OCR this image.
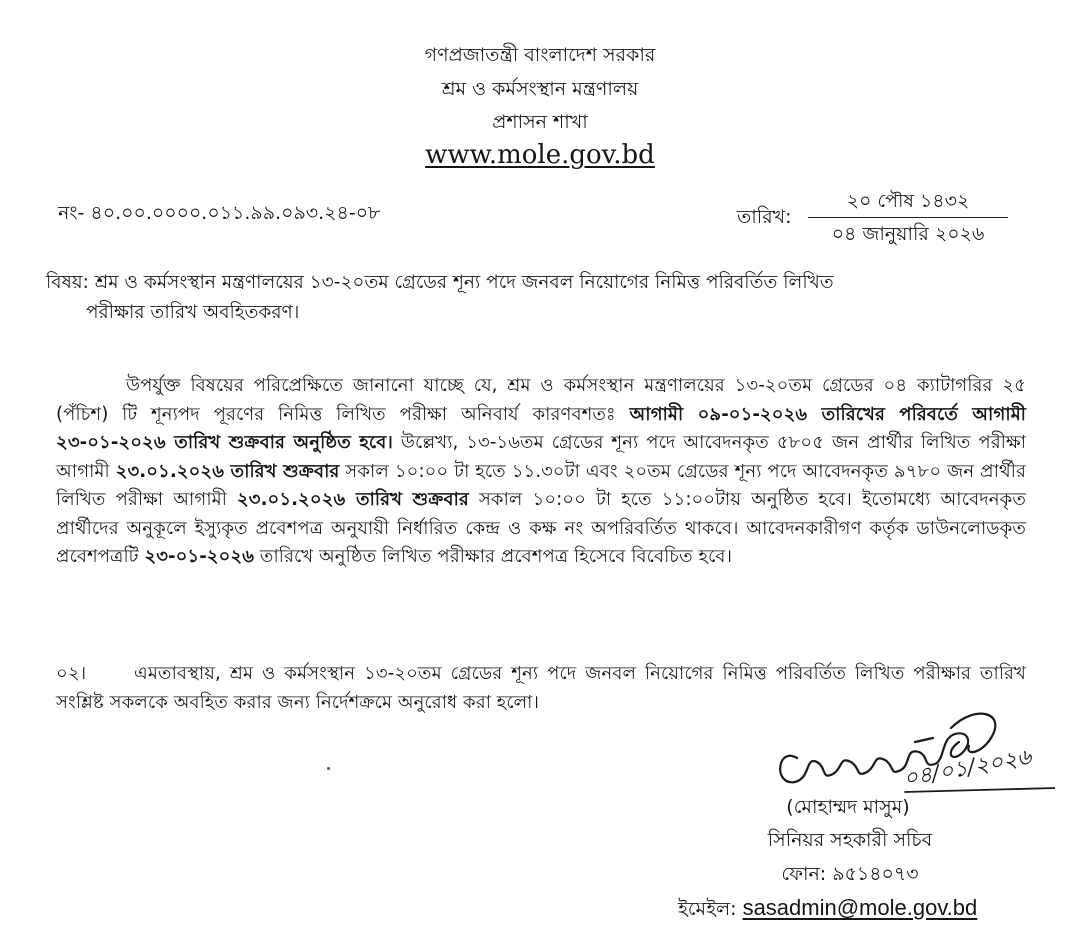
গণপ্রজাতন্ত্রী বাংলাদেশ সরকার
শ্রম ও কর্মসংস্থান মন্ত্রণালয়
প্রশাসন শাখা
www.mole.gov.bd
নং- ৪০.০০.০০০০.০১১.৯৯.০৯৩.২৪-০৮	তারিখ:
২০ পৌষ ১৪৩২
০৪ জানুয়ারি ২০২৬
বিষয়: শ্রম ও কর্মসংস্থান মন্ত্রণালয়ের ১৩-২০তম গ্রেডের শূন্য পদে জনবল নিয়োগের নিমিত্ত পরিবর্তিত লিখিত
পরীক্ষার তারিখ অবহিতকরণ।
উপর্যুক্ত বিষয়ের পরিপ্রেক্ষিতে জানানো যাচ্ছে যে, শ্রম ও কর্মসংস্থান মন্ত্রণালয়ের ১৩-২০তম গ্রেডের ০৪ ক্যাটাগরির ২৫ (পঁচিশ) টি শূন্যপদ পূরণের নিমিত্ত লিখিত পরীক্ষা অনিবার্য কারণবশতঃ আগামী ০৯-০১-২০২৬ তারিখের পরিবর্তে আগামী ২৩-০১-২০২৬ তারিখ শুক্রবার অনুষ্ঠিত হবে। উল্লেখ্য, ১৩-১৬তম গ্রেডের শূন্য পদে আবেদনকৃত ৫৮০৫ জন প্রার্থীর লিখিত পরীক্ষা আগামী ২৩.০১.২০২৬ তারিখ শুক্রবার সকাল ১০:০০ টা হতে ১১.৩০টা এবং ২০তম গ্রেডের শূন্য পদে আবেদনকৃত ৯৭৮০ জন প্রার্থীর লিখিত পরীক্ষা আগামী ২৩.০১.২০২৬ তারিখ শুক্রবার সকাল ১০:০০ টা হতে ১১:০০টায় অনুষ্ঠিত হবে। ইতোমধ্যে আবেদনকৃত প্রার্থীদের অনুকূলে ইস্যুকৃত প্রবেশপত্র অনুযায়ী নির্ধারিত কেন্দ্র ও কক্ষ নং অপরিবর্তিত থাকবে। আবেদনকারীগণ কর্তৃক ডাউনলোডকৃত প্রবেশপত্রটি ২৩-০১-২০২৬ তারিখে অনুষ্ঠিত লিখিত পরীক্ষার প্রবেশপত্র হিসেবে বিবেচিত হবে।
০২।	এমতাবস্থায়, শ্রম ও কর্মসংস্থান ১৩-২০তম গ্রেডের শূন্য পদে জনবল নিয়োগের নিমিত্ত পরিবর্তিত লিখিত পরীক্ষার তারিখ সংশ্লিষ্ট সকলকে অবহিত করার জন্য নির্দেশক্রমে অনুরোধ করা হলো।
০৪/০১/২০২৬
(মোহাম্মদ মাসুম)
সিনিয়র সহকারী সচিব
ফোন: ৯৫১৪০৭৩
ইমেইল: sasadmin@mole.gov.bd
